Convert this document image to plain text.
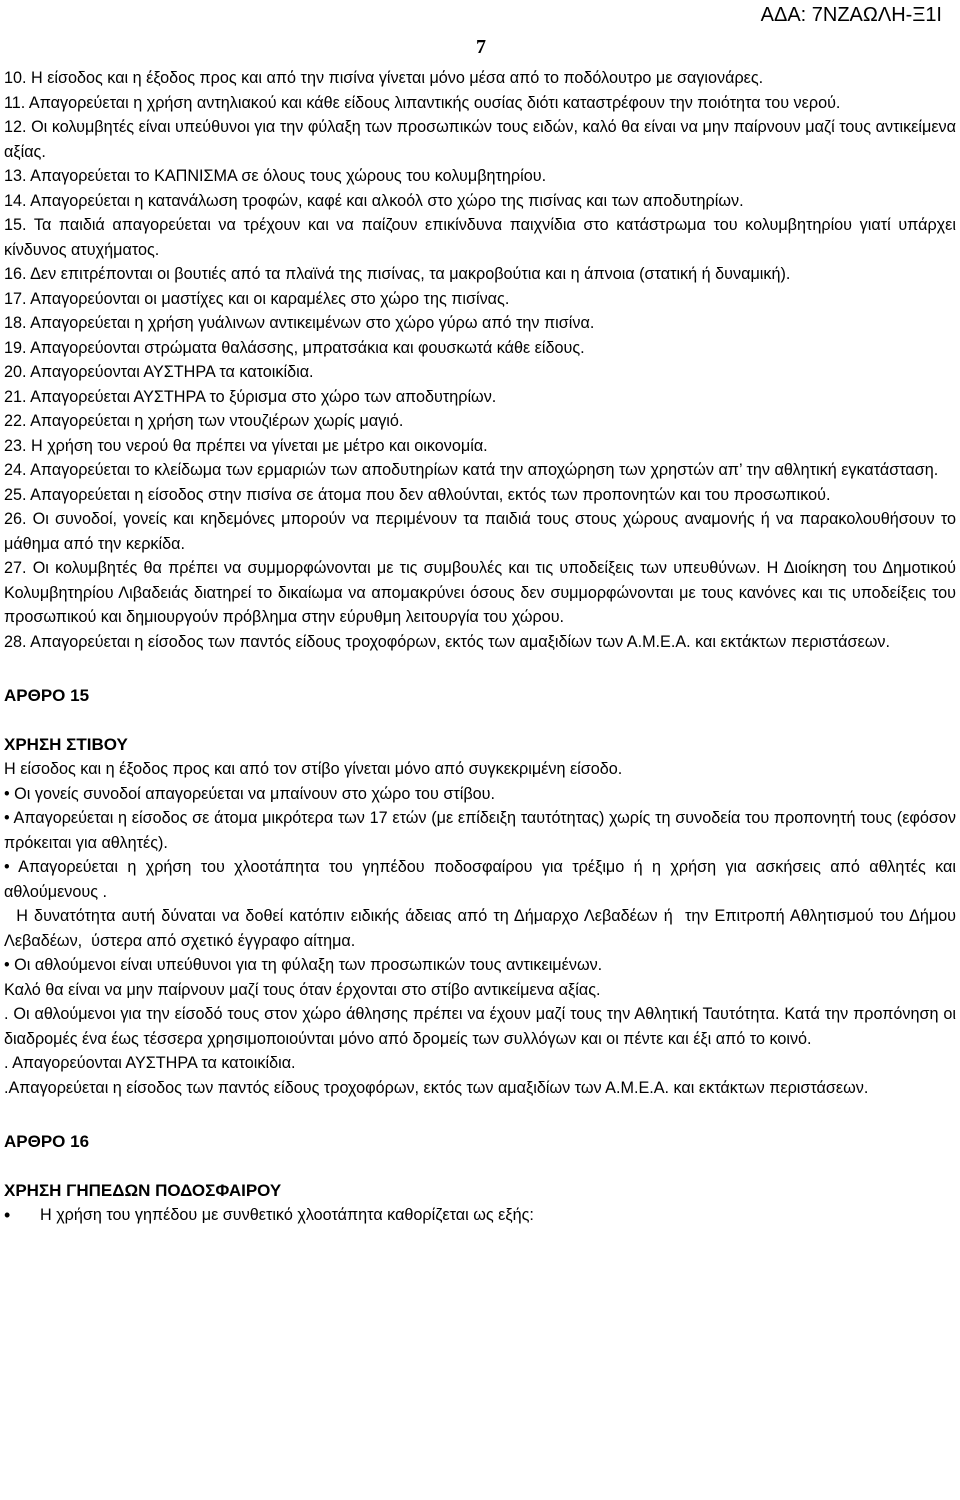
ΑΔΑ: 7ΝΖΑΩΛΗ-Ξ1Ι
7

10. Η είσοδος και η έξοδος προς και από την πισίνα γίνεται μόνο μέσα από το ποδόλουτρο με σαγιονάρες.

11. Απαγορεύεται η χρήση αντηλιακού και κάθε είδους λιπαντικής ουσίας διότι καταστρέφουν την ποιότητα του νερού.

12. Οι κολυμβητές είναι υπεύθυνοι για την φύλαξη των προσωπικών τους ειδών, καλό θα είναι να μην παίρνουν μαζί τους αντικείμενα αξίας.

13. Απαγορεύεται το ΚΑΠΝΙΣΜΑ σε όλους τους χώρους του κολυμβητηρίου.

14. Απαγορεύεται η κατανάλωση τροφών, καφέ και αλκοόλ στο χώρο της πισίνας και των αποδυτηρίων.

15. Τα παιδιά απαγορεύεται να τρέχουν και να παίζουν επικίνδυνα παιχνίδια στο κατάστρωμα του κολυμβητηρίου γιατί υπάρχει κίνδυνος ατυχήματος.

16. Δεν επιτρέπονται οι βουτιές από τα πλαϊνά της πισίνας, τα μακροβούτια και η άπνοια (στατική ή δυναμική).

17. Απαγορεύονται οι μαστίχες και οι καραμέλες στο χώρο της πισίνας.

18. Απαγορεύεται η χρήση γυάλινων αντικειμένων στο χώρο γύρω από την πισίνα.

19. Απαγορεύονται στρώματα θαλάσσης, μπρατσάκια και φουσκωτά κάθε είδους.

20. Απαγορεύονται ΑΥΣΤΗΡΑ τα κατοικίδια.

21. Απαγορεύεται ΑΥΣΤΗΡΑ το ξύρισμα στο χώρο των αποδυτηρίων.

22. Απαγορεύεται η χρήση των ντουζιέρων χωρίς μαγιό.

23. Η χρήση του νερού θα πρέπει να γίνεται με μέτρο και οικονομία.

24. Απαγορεύεται το κλείδωμα των ερμαριών των αποδυτηρίων κατά την αποχώρηση των χρηστών απ’ την αθλητική εγκατάσταση.

25. Απαγορεύεται η είσοδος στην πισίνα σε άτομα που δεν αθλούνται, εκτός των προπονητών και του προσωπικού.

26. Οι συνοδοί, γονείς και κηδεμόνες μπορούν να περιμένουν τα παιδιά τους στους χώρους αναμονής ή να παρακολουθήσουν το μάθημα από την κερκίδα.

27. Οι κολυμβητές θα πρέπει να συμμορφώνονται με τις συμβουλές και τις υποδείξεις των υπευθύνων. Η Διοίκηση του Δημοτικού Κολυμβητηρίου Λιβαδειάς διατηρεί το δικαίωμα να απομακρύνει όσους δεν συμμορφώνονται με τους κανόνες και τις υποδείξεις του προσωπικού και δημιουργούν πρόβλημα στην εύρυθμη λειτουργία του χώρου.

28. Απαγορεύεται η είσοδος των παντός είδους τροχοφόρων, εκτός των αμαξιδίων των Α.Μ.Ε.Α. και εκτάκτων περιστάσεων.

ΑΡΘΡΟ 15

ΧΡΗΣΗ ΣΤΙΒΟΥ

Η είσοδος και η έξοδος προς και από τον στίβο γίνεται μόνο από συγκεκριμένη είσοδο.

• Οι γονείς συνοδοί απαγορεύεται να μπαίνουν στο χώρο του στίβου.

• Απαγορεύεται η είσοδος σε άτομα μικρότερα των 17 ετών (με επίδειξη ταυτότητας) χωρίς τη συνοδεία του προπονητή τους (εφόσον πρόκειται για αθλητές).

• Απαγορεύεται η χρήση του χλοοτάπητα του γηπέδου ποδοσφαίρου για τρέξιμο ή η χρήση για ασκήσεις από αθλητές και αθλούμενους .

Η δυνατότητα αυτή δύναται να δοθεί κατόπιν ειδικής άδειας από τη Δήμαρχο Λεβαδέων ή  την Επιτροπή Αθλητισμού του Δήμου Λεβαδέων,  ύστερα από σχετικό έγγραφο αίτημα.

• Οι αθλούμενοι είναι υπεύθυνοι για τη φύλαξη των προσωπικών τους αντικειμένων.

Καλό θα είναι να μην παίρνουν μαζί τους όταν έρχονται στο στίβο αντικείμενα αξίας.

. Οι αθλούμενοι για την είσοδό τους στον χώρο άθλησης πρέπει να έχουν μαζί τους την Αθλητική Ταυτότητα. Κατά την προπόνηση οι διαδρομές ένα έως τέσσερα χρησιμοποιούνται μόνο από δρομείς των συλλόγων και οι πέντε και έξι από το κοινό.

. Απαγορεύονται ΑΥΣΤΗΡΑ τα κατοικίδια.

.Απαγορεύεται η είσοδος των παντός είδους τροχοφόρων, εκτός των αμαξιδίων των Α.Μ.Ε.Α. και εκτάκτων περιστάσεων.

ΑΡΘΡΟ 16

ΧΡΗΣΗ ΓΗΠΕΔΩΝ ΠΟΔΟΣΦΑΙΡΟΥ

•	Η χρήση του γηπέδου με συνθετικό χλοοτάπητα καθορίζεται ως εξής:
